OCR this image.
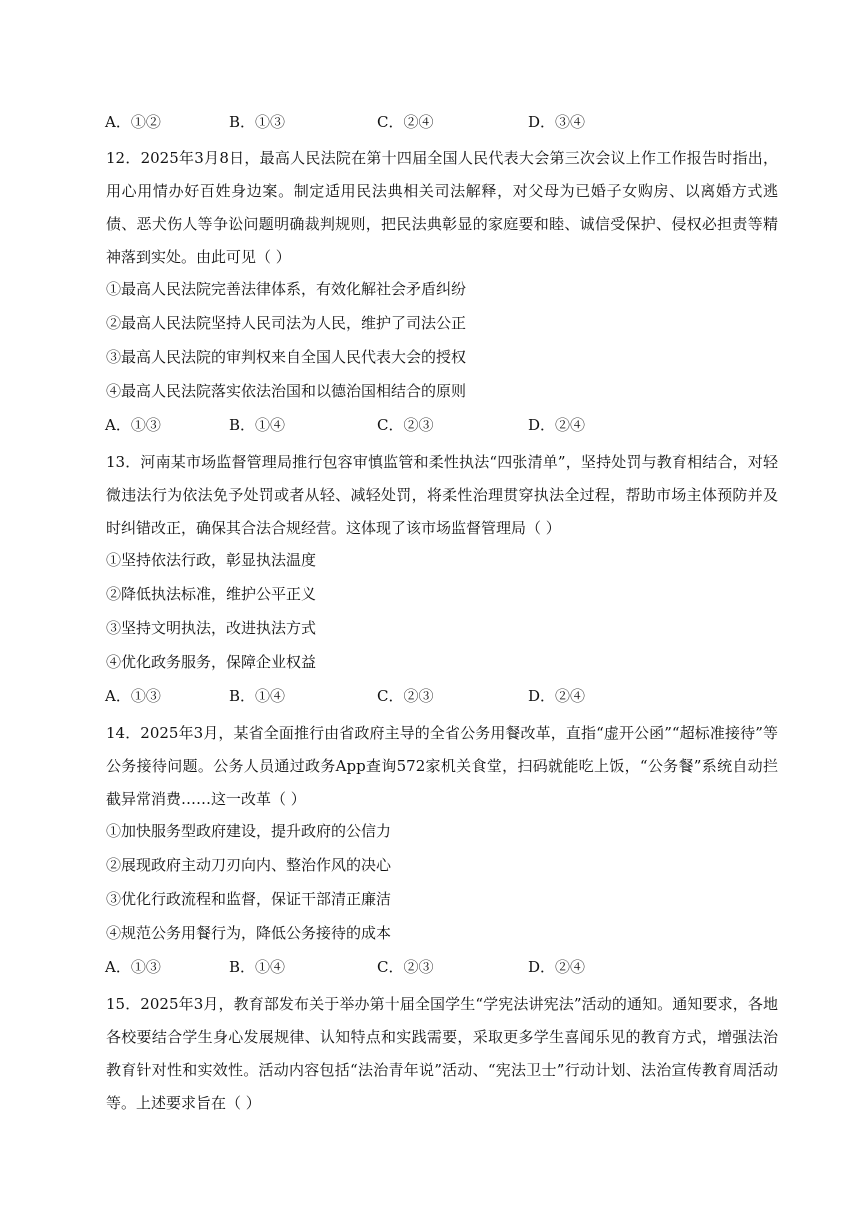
A．①②	B．①③	C．②④	D．③④

12．2025年3月8日，最高人民法院在第十四届全国人民代表大会第三次会议上作工作报告时指出，用心用情办好百姓身边案。制定适用民法典相关司法解释，对父母为已婚子女购房、以离婚方式逃债、恶犬伤人等争讼问题明确裁判规则，把民法典彰显的家庭要和睦、诚信受保护、侵权必担责等精神落到实处。由此可见（ ）

①最高人民法院完善法律体系，有效化解社会矛盾纠纷
②最高人民法院坚持人民司法为人民，维护了司法公正
③最高人民法院的审判权来自全国人民代表大会的授权
④最高人民法院落实依法治国和以德治国相结合的原则
A．①③	B．①④	C．②③	D．②④

13．河南某市场监督管理局推行包容审慎监管和柔性执法“四张清单”，坚持处罚与教育相结合，对轻微违法行为依法免予处罚或者从轻、减轻处罚，将柔性治理贯穿执法全过程，帮助市场主体预防并及时纠错改正，确保其合法合规经营。这体现了该市场监督管理局（ ）

①坚持依法行政，彰显执法温度
②降低执法标准，维护公平正义
③坚持文明执法，改进执法方式
④优化政务服务，保障企业权益
A．①③	B．①④	C．②③	D．②④

14．2025年3月，某省全面推行由省政府主导的全省公务用餐改革，直指“虚开公函”“超标准接待”等公务接待问题。公务人员通过政务App查询572家机关食堂，扫码就能吃上饭，“公务餐”系统自动拦截异常消费……这一改革（ ）

①加快服务型政府建设，提升政府的公信力
②展现政府主动刀刃向内、整治作风的决心
③优化行政流程和监督，保证干部清正廉洁
④规范公务用餐行为，降低公务接待的成本
A．①③	B．①④	C．②③	D．②④

15．2025年3月，教育部发布关于举办第十届全国学生“学宪法讲宪法”活动的通知。通知要求，各地各校要结合学生身心发展规律、认知特点和实践需要，采取更多学生喜闻乐见的教育方式，增强法治教育针对性和实效性。活动内容包括“法治青年说”活动、“宪法卫士”行动计划、法治宣传教育周活动等。上述要求旨在（ ）
